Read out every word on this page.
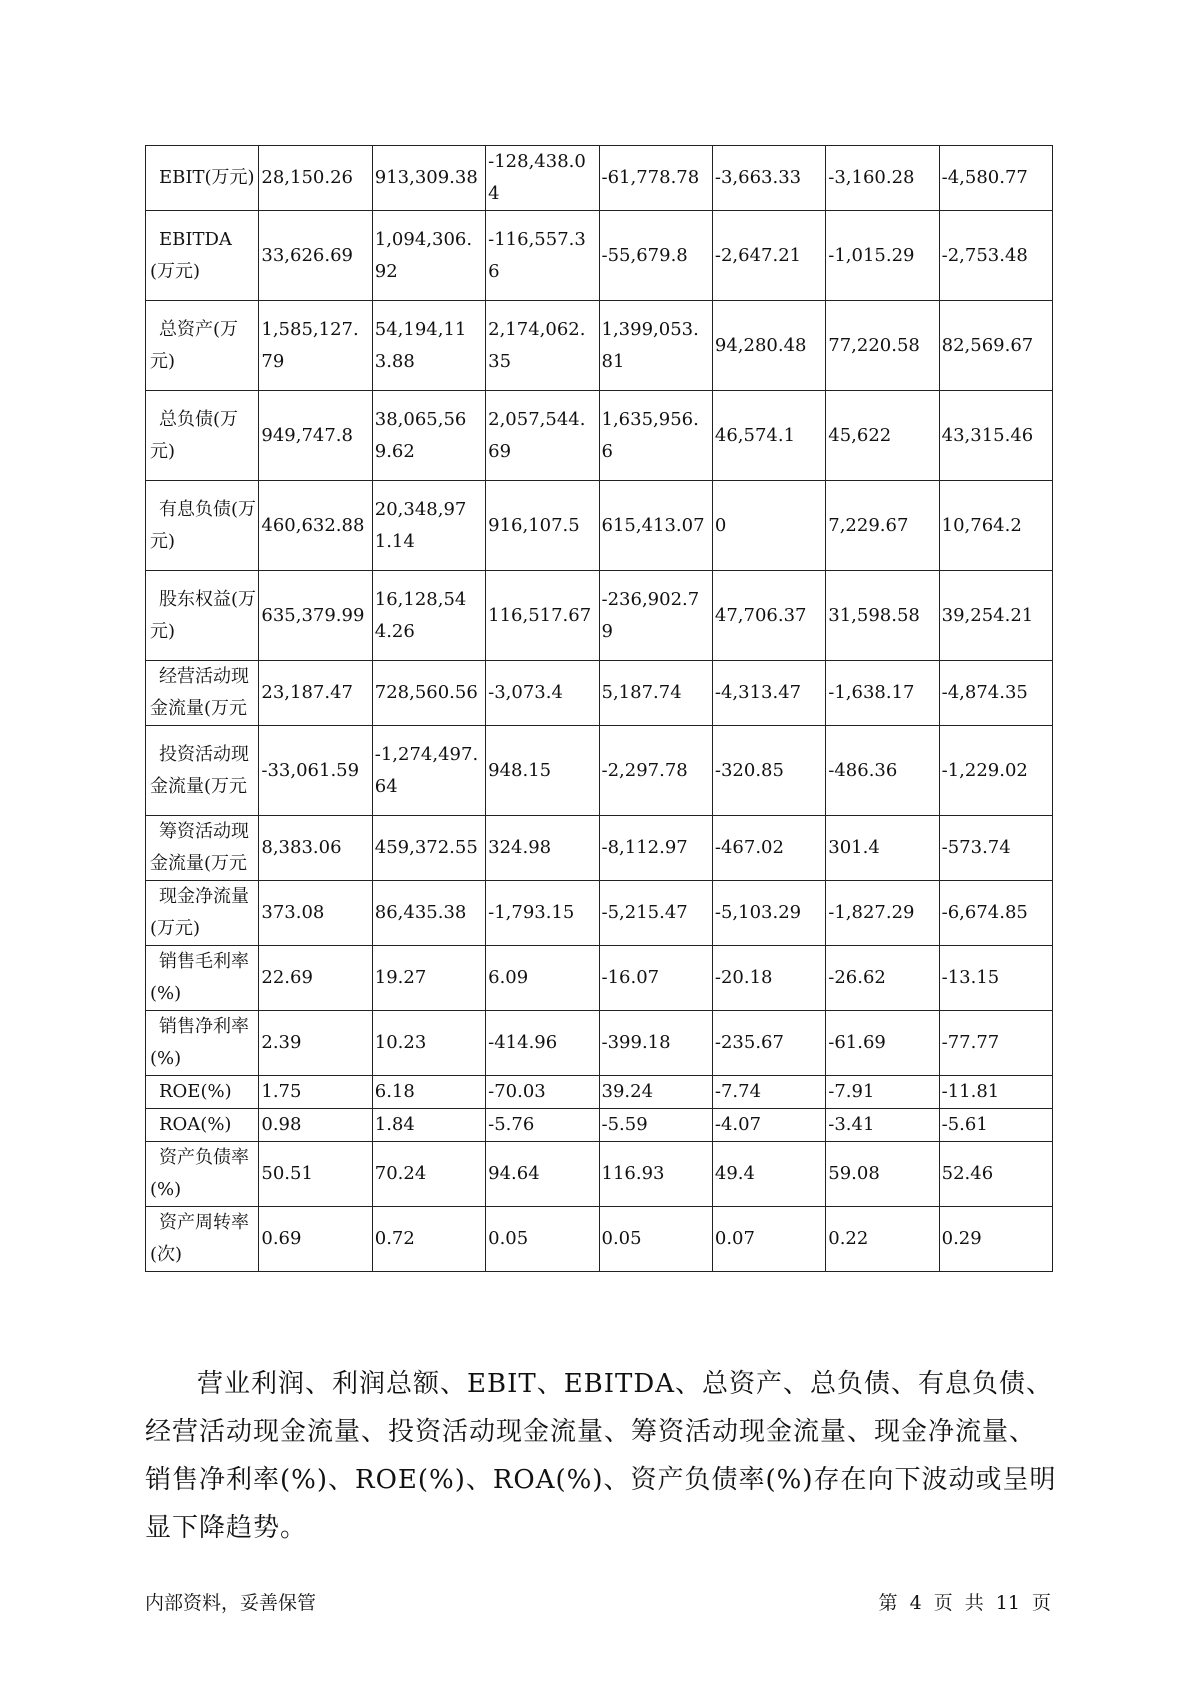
EBIT(万元)	28,150.26	913,309.38	-128,438.04	-61,778.78	-3,663.33	-3,160.28	-4,580.77
EBITDA(万元)	33,626.69	1,094,306.92	-116,557.36	-55,679.8	-2,647.21	-1,015.29	-2,753.48
总资产(万元)	1,585,127.79	54,194,113.88	2,174,062.35	1,399,053.81	94,280.48	77,220.58	82,569.67
总负债(万元)	949,747.8	38,065,569.62	2,057,544.69	1,635,956.6	46,574.1	45,622	43,315.46
有息负债(万元)	460,632.88	20,348,971.14	916,107.5	615,413.07	0	7,229.67	10,764.2
股东权益(万元)	635,379.99	16,128,544.26	116,517.67	-236,902.79	47,706.37	31,598.58	39,254.21
经营活动现金流量(万元	23,187.47	728,560.56	-3,073.4	5,187.74	-4,313.47	-1,638.17	-4,874.35
投资活动现金流量(万元	-33,061.59	-1,274,497.64	948.15	-2,297.78	-320.85	-486.36	-1,229.02
筹资活动现金流量(万元	8,383.06	459,372.55	324.98	-8,112.97	-467.02	301.4	-573.74
现金净流量(万元)	373.08	86,435.38	-1,793.15	-5,215.47	-5,103.29	-1,827.29	-6,674.85
销售毛利率(%)	22.69	19.27	6.09	-16.07	-20.18	-26.62	-13.15
销售净利率(%)	2.39	10.23	-414.96	-399.18	-235.67	-61.69	-77.77
ROE(%)	1.75	6.18	-70.03	39.24	-7.74	-7.91	-11.81
ROA(%)	0.98	1.84	-5.76	-5.59	-4.07	-3.41	-5.61
资产负债率(%)	50.51	70.24	94.64	116.93	49.4	59.08	52.46
资产周转率(次)	0.69	0.72	0.05	0.05	0.07	0.22	0.29

营业利润、利润总额、EBIT、EBITDA、总资产、总负债、有息负债、经营活动现金流量、投资活动现金流量、筹资活动现金流量、现金净流量、销售净利率(%)、ROE(%)、ROA(%)、资产负债率(%)存在向下波动或呈明显下降趋势。

内部资料，妥善保管	第 4 页 共 11 页
